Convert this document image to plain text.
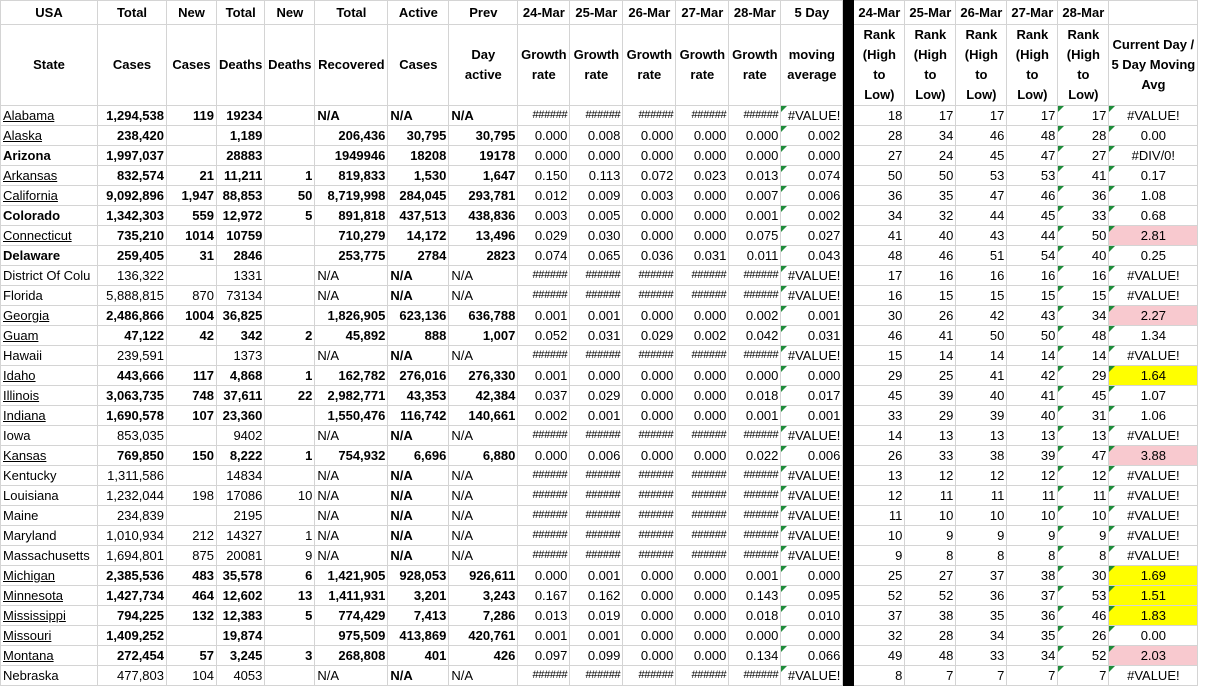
USA	Total	New	Total	New	Total	Active	Prev	24-Mar	25-Mar	26-Mar	27-Mar	28-Mar	5 Day		24-Mar	25-Mar	26-Mar	27-Mar	28-Mar	
State	Cases	Cases	Deaths	Deaths	Recovered	Cases	Day active	Growth rate	Growth rate	Growth rate	Growth rate	Growth rate	moving average		Rank (High to Low)	Rank (High to Low)	Rank (High to Low)	Rank (High to Low)	Rank (High to Low)	Current Day / 5 Day Moving Avg
Alabama	1,294,538	119	19234		N/A	N/A	N/A	######	######	######	######	######	#VALUE!		18	17	17	17	17	#VALUE!
Alaska	238,420		1,189		206,436	30,795	30,795	0.000	0.008	0.000	0.000	0.000	0.002		28	34	46	48	28	0.00
Arizona	1,997,037		28883		1949946	18208	19178	0.000	0.000	0.000	0.000	0.000	0.000		27	24	45	47	27	#DIV/0!
Arkansas	832,574	21	11,211	1	819,833	1,530	1,647	0.150	0.113	0.072	0.023	0.013	0.074		50	50	53	53	41	0.17
California	9,092,896	1,947	88,853	50	8,719,998	284,045	293,781	0.012	0.009	0.003	0.000	0.007	0.006		36	35	47	46	36	1.08
Colorado	1,342,303	559	12,972	5	891,818	437,513	438,836	0.003	0.005	0.000	0.000	0.001	0.002		34	32	44	45	33	0.68
Connecticut	735,210	1014	10759		710,279	14,172	13,496	0.029	0.030	0.000	0.000	0.075	0.027		41	40	43	44	50	2.81
Delaware	259,405	31	2846		253,775	2784	2823	0.074	0.065	0.036	0.031	0.011	0.043		48	46	51	54	40	0.25
District Of Colu	136,322		1331		N/A	N/A	N/A	######	######	######	######	######	#VALUE!		17	16	16	16	16	#VALUE!
Florida	5,888,815	870	73134		N/A	N/A	N/A	######	######	######	######	######	#VALUE!		16	15	15	15	15	#VALUE!
Georgia	2,486,866	1004	36,825		1,826,905	623,136	636,788	0.001	0.001	0.000	0.000	0.002	0.001		30	26	42	43	34	2.27
Guam	47,122	42	342	2	45,892	888	1,007	0.052	0.031	0.029	0.002	0.042	0.031		46	41	50	50	48	1.34
Hawaii	239,591		1373		N/A	N/A	N/A	######	######	######	######	######	#VALUE!		15	14	14	14	14	#VALUE!
Idaho	443,666	117	4,868	1	162,782	276,016	276,330	0.001	0.000	0.000	0.000	0.000	0.000		29	25	41	42	29	1.64
Illinois	3,063,735	748	37,611	22	2,982,771	43,353	42,384	0.037	0.029	0.000	0.000	0.018	0.017		45	39	40	41	45	1.07
Indiana	1,690,578	107	23,360		1,550,476	116,742	140,661	0.002	0.001	0.000	0.000	0.001	0.001		33	29	39	40	31	1.06
Iowa	853,035		9402		N/A	N/A	N/A	######	######	######	######	######	#VALUE!		14	13	13	13	13	#VALUE!
Kansas	769,850	150	8,222	1	754,932	6,696	6,880	0.000	0.006	0.000	0.000	0.022	0.006		26	33	38	39	47	3.88
Kentucky	1,311,586		14834		N/A	N/A	N/A	######	######	######	######	######	#VALUE!		13	12	12	12	12	#VALUE!
Louisiana	1,232,044	198	17086	10	N/A	N/A	N/A	######	######	######	######	######	#VALUE!		12	11	11	11	11	#VALUE!
Maine	234,839		2195		N/A	N/A	N/A	######	######	######	######	######	#VALUE!		11	10	10	10	10	#VALUE!
Maryland	1,010,934	212	14327	1	N/A	N/A	N/A	######	######	######	######	######	#VALUE!		10	9	9	9	9	#VALUE!
Massachusetts	1,694,801	875	20081	9	N/A	N/A	N/A	######	######	######	######	######	#VALUE!		9	8	8	8	8	#VALUE!
Michigan	2,385,536	483	35,578	6	1,421,905	928,053	926,611	0.000	0.001	0.000	0.000	0.001	0.000		25	27	37	38	30	1.69
Minnesota	1,427,734	464	12,602	13	1,411,931	3,201	3,243	0.167	0.162	0.000	0.000	0.143	0.095		52	52	36	37	53	1.51
Mississippi	794,225	132	12,383	5	774,429	7,413	7,286	0.013	0.019	0.000	0.000	0.018	0.010		37	38	35	36	46	1.83
Missouri	1,409,252		19,874		975,509	413,869	420,761	0.001	0.001	0.000	0.000	0.000	0.000		32	28	34	35	26	0.00
Montana	272,454	57	3,245	3	268,808	401	426	0.097	0.099	0.000	0.000	0.134	0.066		49	48	33	34	52	2.03
Nebraska	477,803	104	4053		N/A	N/A	N/A	######	######	######	######	######	#VALUE!		8	7	7	7	7	#VALUE!
